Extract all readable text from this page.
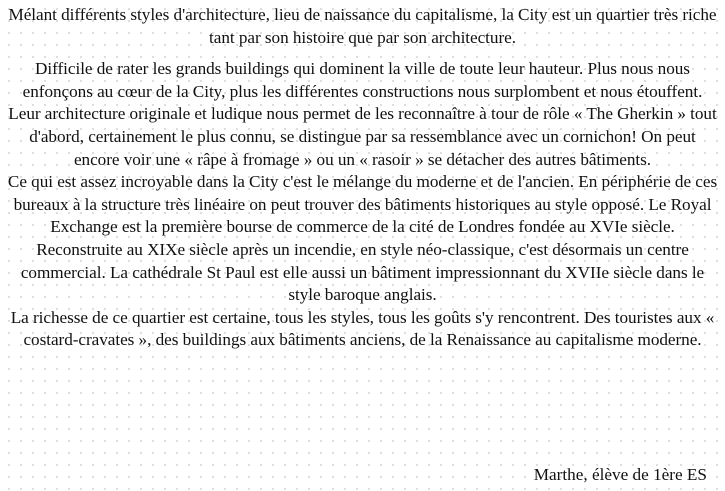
Mélant différents styles d'architecture, lieu de naissance du capitalisme, la City est un quartier très riche tant par son histoire que par son architecture.

Difficile de rater les grands buildings qui dominent la ville de toute leur hauteur. Plus nous nous enfonçons au cœur de la City, plus les différentes constructions nous surplombent et nous étouffent. Leur architecture originale et ludique nous permet de les reconnaître à tour de rôle « The Gherkin » tout d'abord, certainement le plus connu, se distingue par sa ressemblance avec un cornichon! On peut encore voir une « râpe à fromage » ou un « rasoir » se détacher des autres bâtiments.

Ce qui est assez incroyable dans la City c'est le mélange du moderne et de l'ancien. En périphérie de ces bureaux à la structure très linéaire on peut trouver des bâtiments historiques au style opposé. Le Royal Exchange est la première bourse de commerce de la cité de Londres fondée au XVIe siècle. Reconstruite au XIXe siècle après un incendie, en style néo-classique, c'est désormais un centre commercial. La cathédrale St Paul est elle aussi un bâtiment impressionnant du XVIIe siècle dans le style baroque anglais.

La richesse de ce quartier est certaine, tous les styles, tous les goûts s'y rencontrent. Des touristes aux « costard-cravates », des buildings aux bâtiments anciens, de la Renaissance au capitalisme moderne.

Marthe, élève de 1ère ES
